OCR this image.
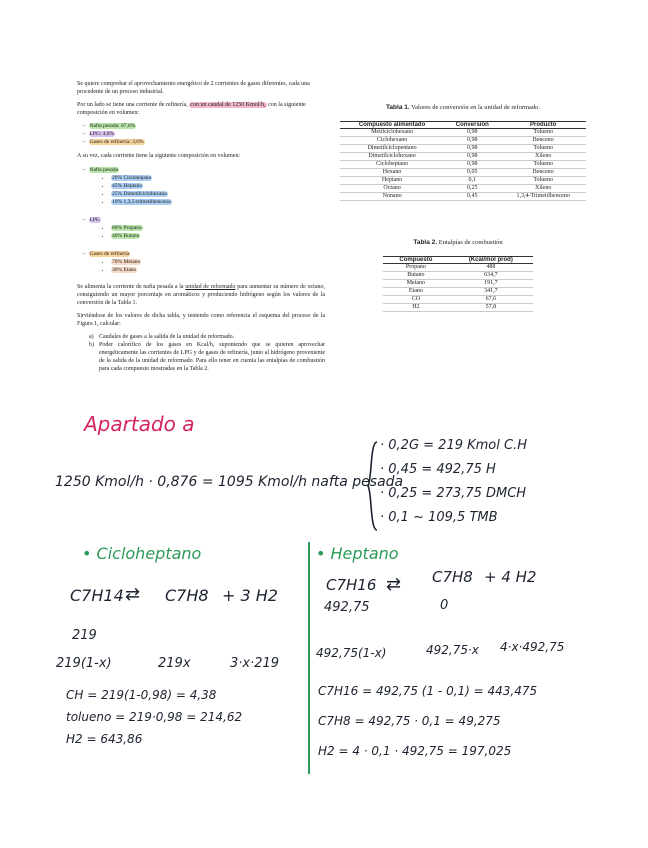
Se quiere comprobar el aprovechamiento energético de 2 corrientes de gases diferentes, cada una procedente de un proceso industrial.

Por un lado se tiene una corriente de refinería, con un caudal de 1250 Kmol/h, con la siguiente composición en volumen:

–  Nafta pesada: 87,6%
–  LPG: 4,8%
–  Gases de refinería: 3,6%

A su vez, cada corriente tiene la siguiente composición en volumen:

–  Nafta pesada
• 20% Ciclohepano
• 45% Heptano
• 25% Dimetilciclohexano
• 10% 1,3,5-trimetilbenceno
–  LPG
• 60% Propano
• 40% Butano
–  Gases de refinería
• 70% Metano
• 30% Etano

Se alimenta la corriente de nafta pesada a la unidad de reformado para aumentar su número de octano, consiguiendo un mayor porcentaje en aromáticos y produciendo hidrógeno según los valores de la conversión de la Tabla 1.

Sirviéndose de los valores de dicha tabla, y teniendo como referencia el esquema del proceso de la Figura 1, calcular:

a) Caudales de gases a la salida de la unidad de reformado.
b) Poder calorífico de los gases en Kcal/h, suponiendo que se quieren aprovechar energéticamente las corrientes de LPG y de gases de refinería, junto al hidrógeno proveniente de la salida de la unidad de reformado. Para ello tener en cuenta las entalpías de combustión para cada compuesto mostradas en la Tabla 2.
Tabla 1. Valores de conversión en la unidad de reformado.
Compuesto alimentado	Conversión	Producto
Metilciclohexano	0,98	Tolueno
Ciclohexano	0,98	Benceno
Dimetilciclopentano	0,98	Tolueno
Dimetilciclohexano	0,98	Xileno
Cicloheptano	0,98	Tolueno
Hexano	0,05	Benceno
Heptano	0,1	Tolueno
Octano	0,25	Xileno
Nonano	0,45	1,3,4-Trimetilbenceno
Tabla 2. Entalpías de combustión
Compuesto	(Kcal/mol prod)
Propano	488
Butano	634,7
Metano	191,7
Etano	341,7
CO	67,6
H2	57,8
Apartado a
1250 Kmol/h · 0,876 = 1095 Kmol/h nafta pesada
· 0,2G = 219 Kmol C.H
· 0,45 = 492,75 H
· 0,25 = 273,75 DMCH
· 0,1 ~ 109,5 TMB
• Cicloheptano
C7H14 ⇄ C7H8 + 3 H2
219
219(1-x)	219x	3·x·219
CH = 219(1-0,98) = 4,38
tolueno = 219·0,98 = 214,62
H2 = 643,86
• Heptano
C7H16 ⇄ C7H8 + 4 H2
492,75	0
492,75(1-x)	492,75·x 4·x·492,75
C7H16 = 492,75 (1 - 0,1) = 443,475
C7H8 = 492,75 · 0,1 = 49,275
H2 = 4 · 0,1 · 492,75 = 197,025
